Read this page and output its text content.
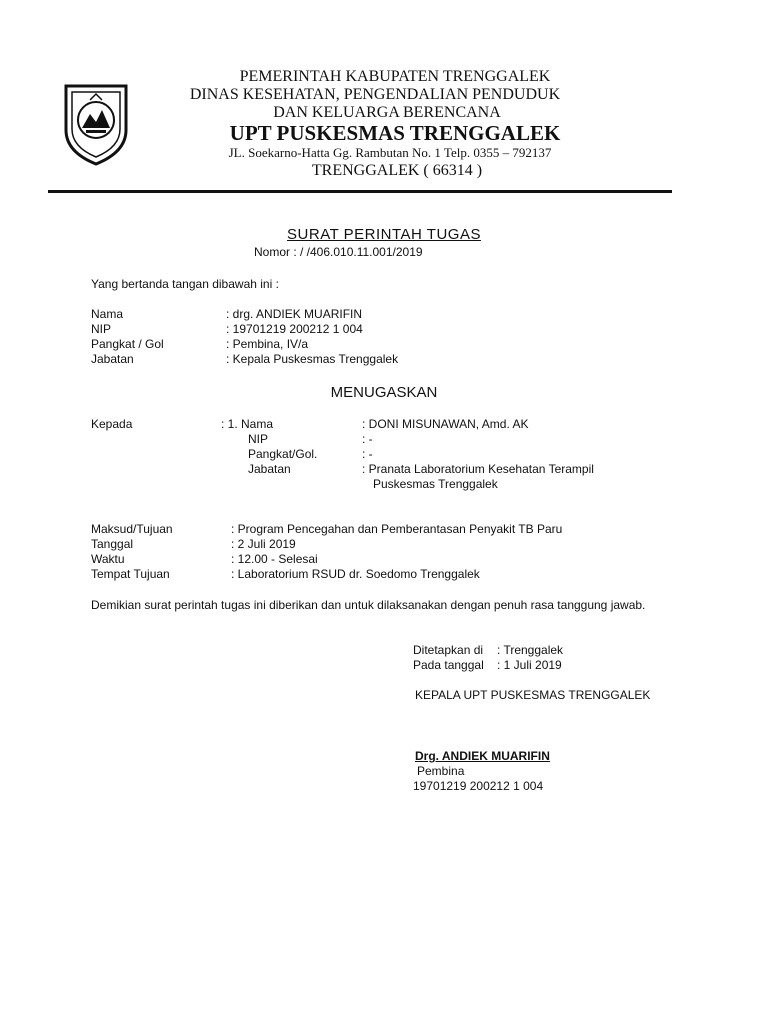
PEMERINTAH KABUPATEN TRENGGALEK
DINAS KESEHATAN, PENGENDALIAN PENDUDUK
DAN KELUARGA BERENCANA
UPT PUSKESMAS TRENGGALEK
JL. Soekarno-Hatta Gg. Rambutan No. 1 Telp. 0355 – 792137
TRENGGALEK ( 66314 )
SURAT PERINTAH TUGAS
Nomor : / /406.010.11.001/2019
Yang bertanda tangan dibawah ini :
Nama	: drg. ANDIEK MUARIFIN
NIP	: 19701219 200212 1 004
Pangkat / Gol	: Pembina, IV/a
Jabatan	: Kepala Puskesmas Trenggalek
MENUGASKAN
Kepada	: 1. Nama	: DONI MISUNAWAN, Amd. AK
NIP	: -
Pangkat/Gol.	: -
Jabatan	: Pranata Laboratorium Kesehatan Terampil
Puskesmas Trenggalek
Maksud/Tujuan	: Program Pencegahan dan Pemberantasan Penyakit TB Paru
Tanggal	: 2 Juli 2019
Waktu	: 12.00 - Selesai
Tempat Tujuan	: Laboratorium RSUD dr. Soedomo Trenggalek
Demikian surat perintah tugas ini diberikan dan untuk dilaksanakan dengan penuh rasa tanggung jawab.
Ditetapkan di : Trenggalek
Pada tanggal : 1 Juli 2019
KEPALA UPT PUSKESMAS TRENGGALEK
Drg. ANDIEK MUARIFIN
Pembina
19701219 200212 1 004
